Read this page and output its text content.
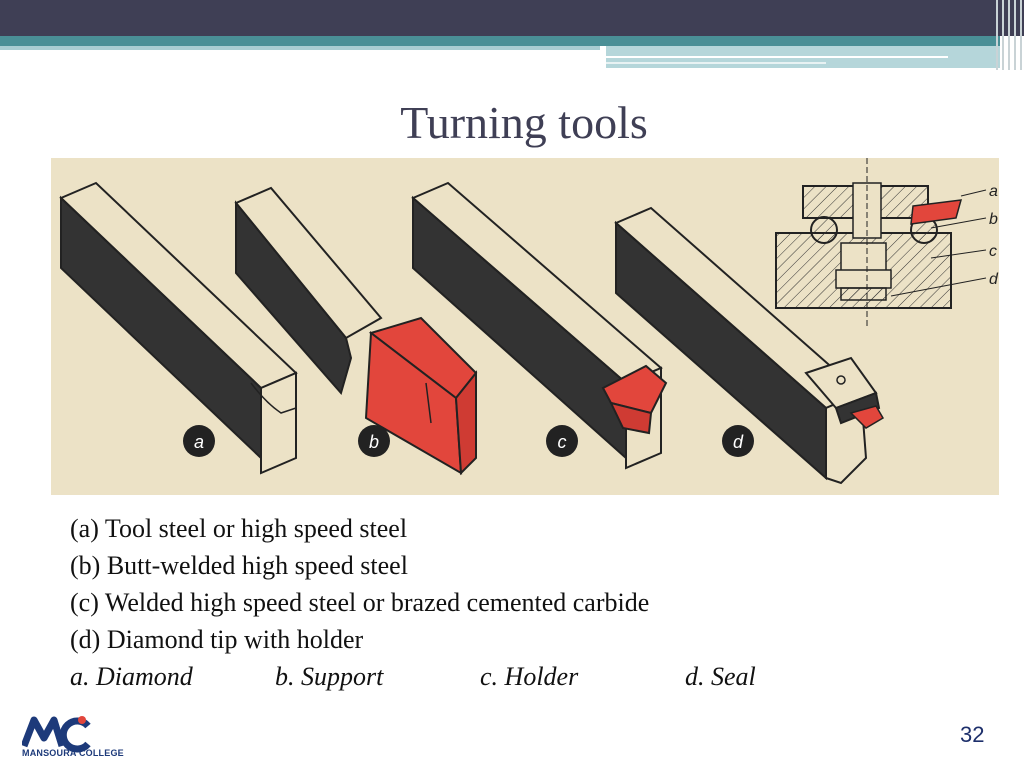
Turning tools
a	b	c	d
a
b
c
d
(a) Tool steel or high speed steel
(b) Butt-welded high speed steel
(c) Welded high speed steel or brazed cemented carbide
(d) Diamond tip with holder
a. Diamond	b. Support	c. Holder	d. Seal
MANSOURA COLLEGE
32
